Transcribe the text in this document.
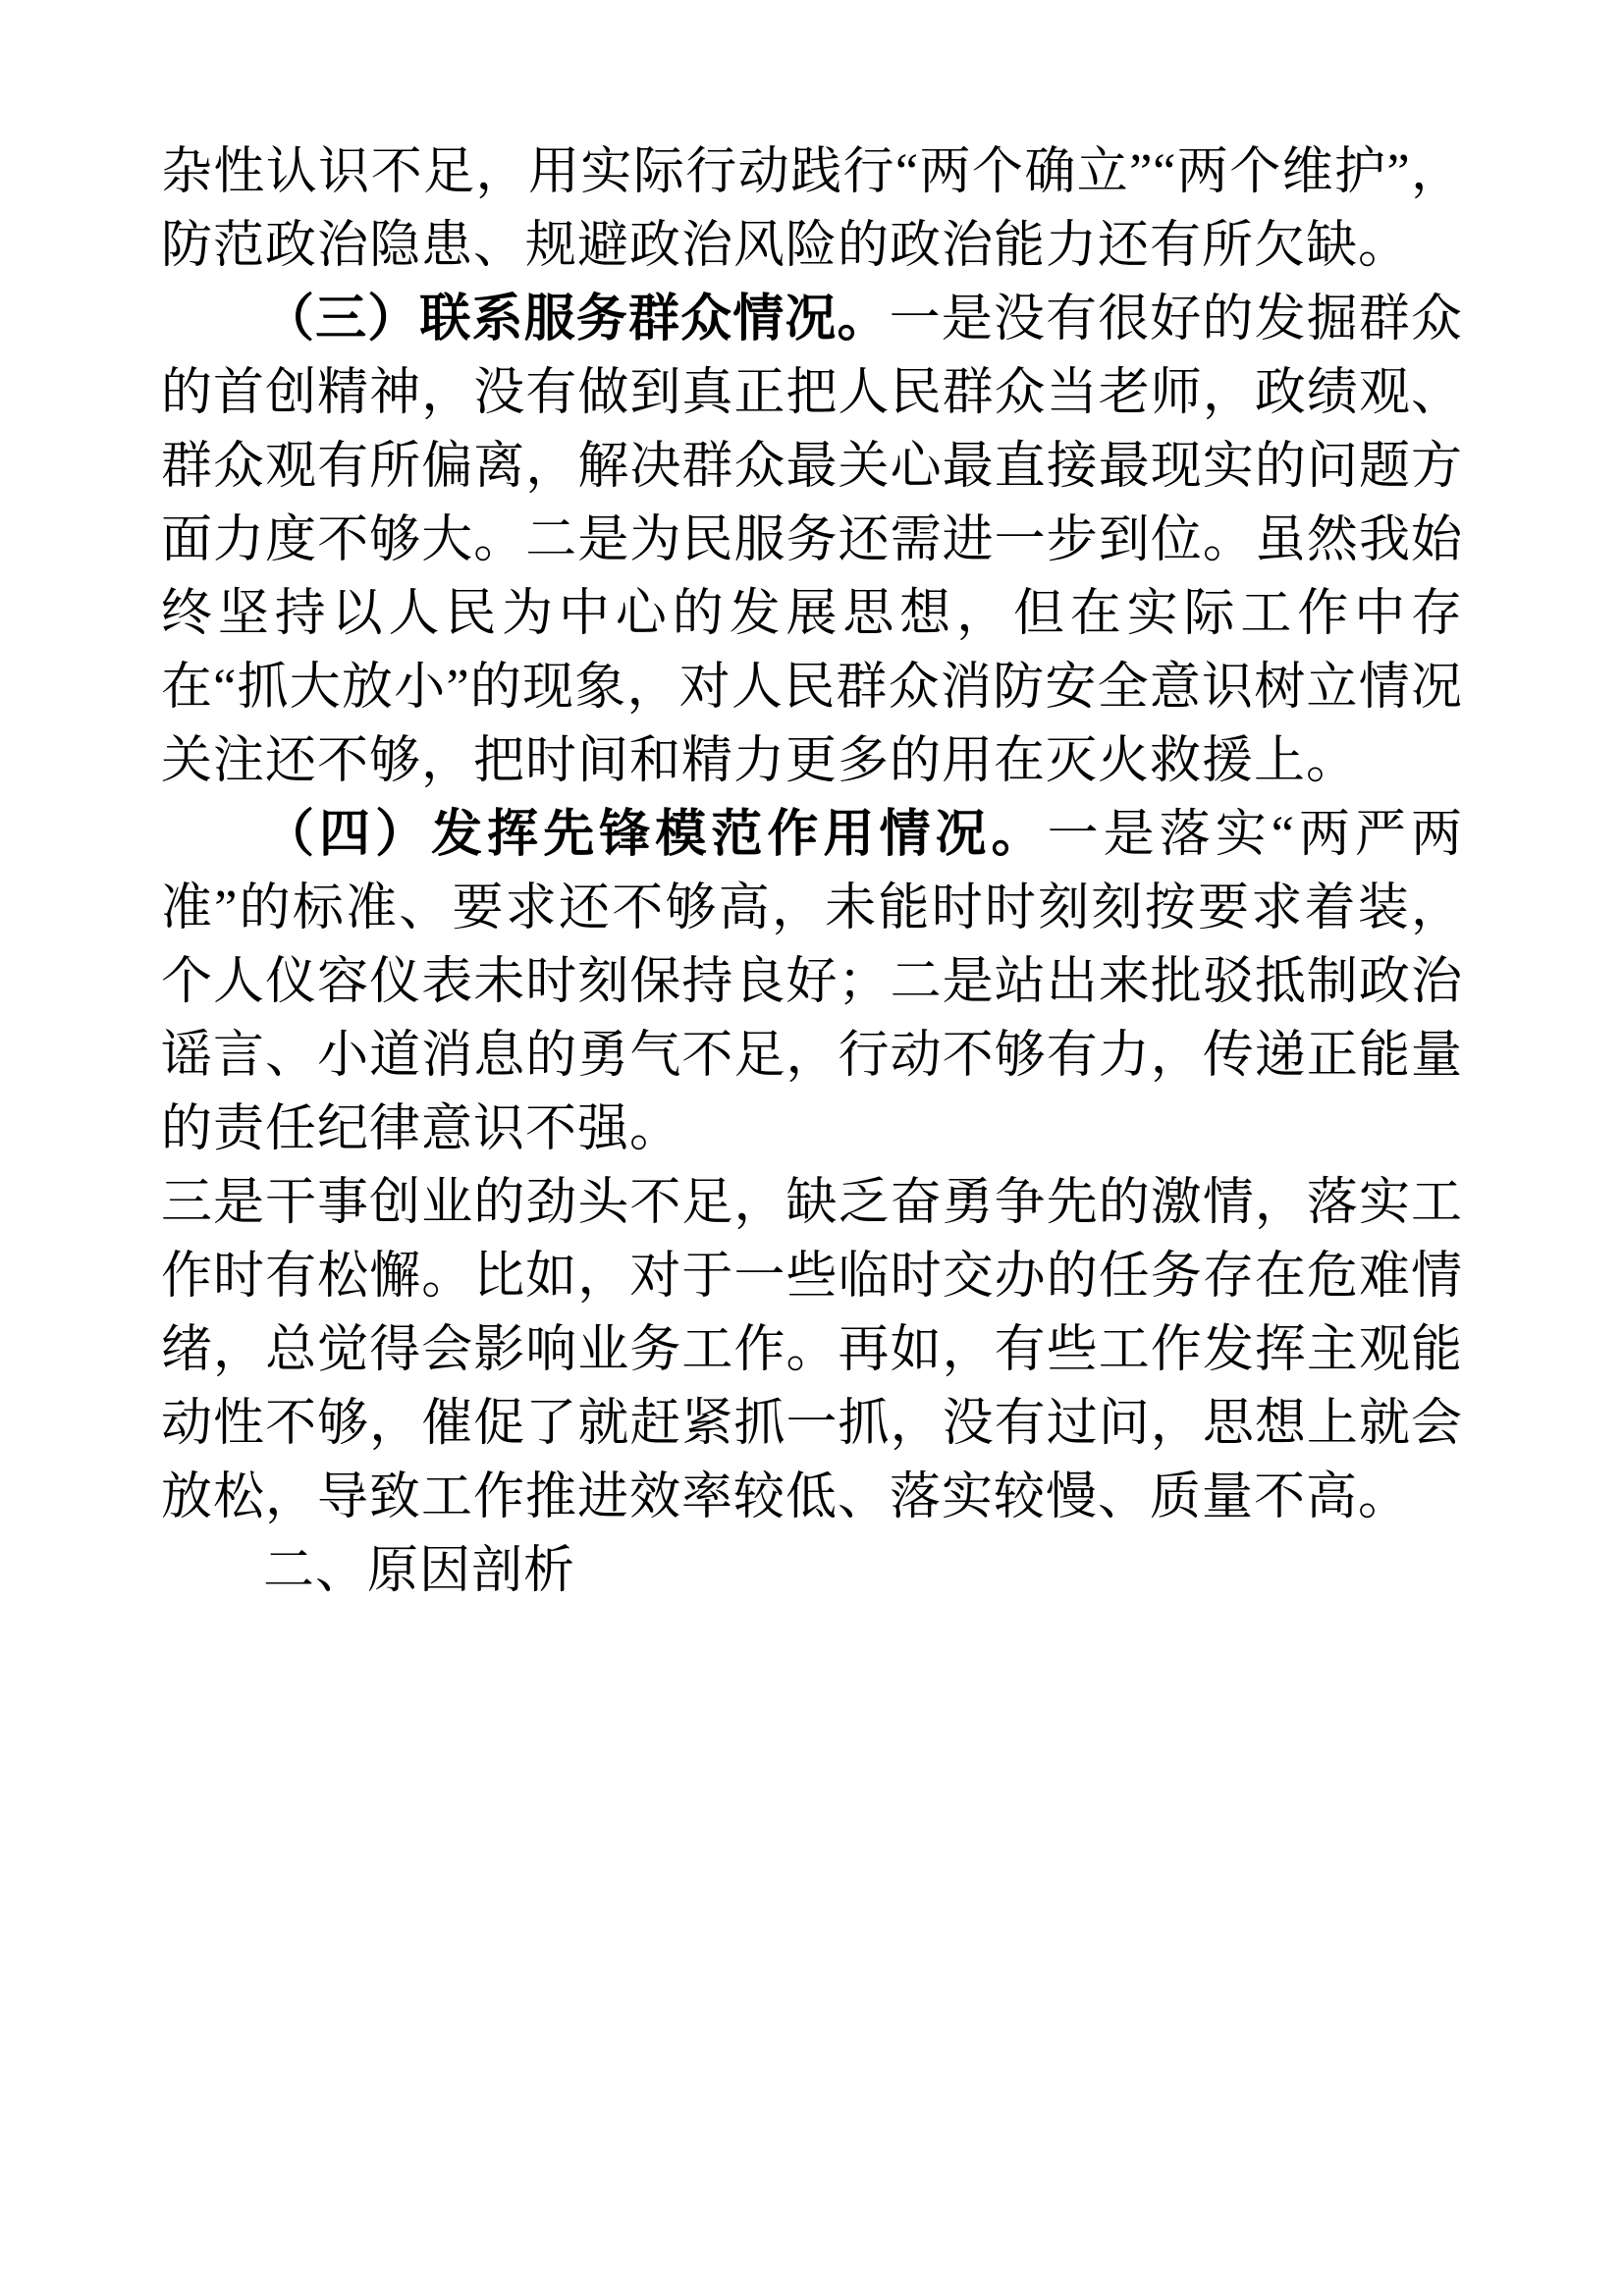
杂性认识不足，用实际行动践行“两个确立”“两个维护”，防范政治隐患、规避政治风险的政治能力还有所欠缺。

（三）联系服务群众情况。一是没有很好的发掘群众的首创精神，没有做到真正把人民群众当老师，政绩观、群众观有所偏离，解决群众最关心最直接最现实的问题方面力度不够大。二是为民服务还需进一步到位。虽然我始终坚持以人民为中心的发展思想，但在实际工作中存在“抓大放小”的现象，对人民群众消防安全意识树立情况关注还不够，把时间和精力更多的用在灭火救援上。

（四）发挥先锋模范作用情况。一是落实“两严两准”的标准、要求还不够高，未能时时刻刻按要求着装，个人仪容仪表未时刻保持良好；二是站出来批驳抵制政治谣言、小道消息的勇气不足，行动不够有力，传递正能量的责任纪律意识不强。

三是干事创业的劲头不足，缺乏奋勇争先的激情，落实工作时有松懈。比如，对于一些临时交办的任务存在危难情绪，总觉得会影响业务工作。再如，有些工作发挥主观能动性不够，催促了就赶紧抓一抓，没有过问，思想上就会放松，导致工作推进效率较低、落实较慢、质量不高。

二、原因剖析
